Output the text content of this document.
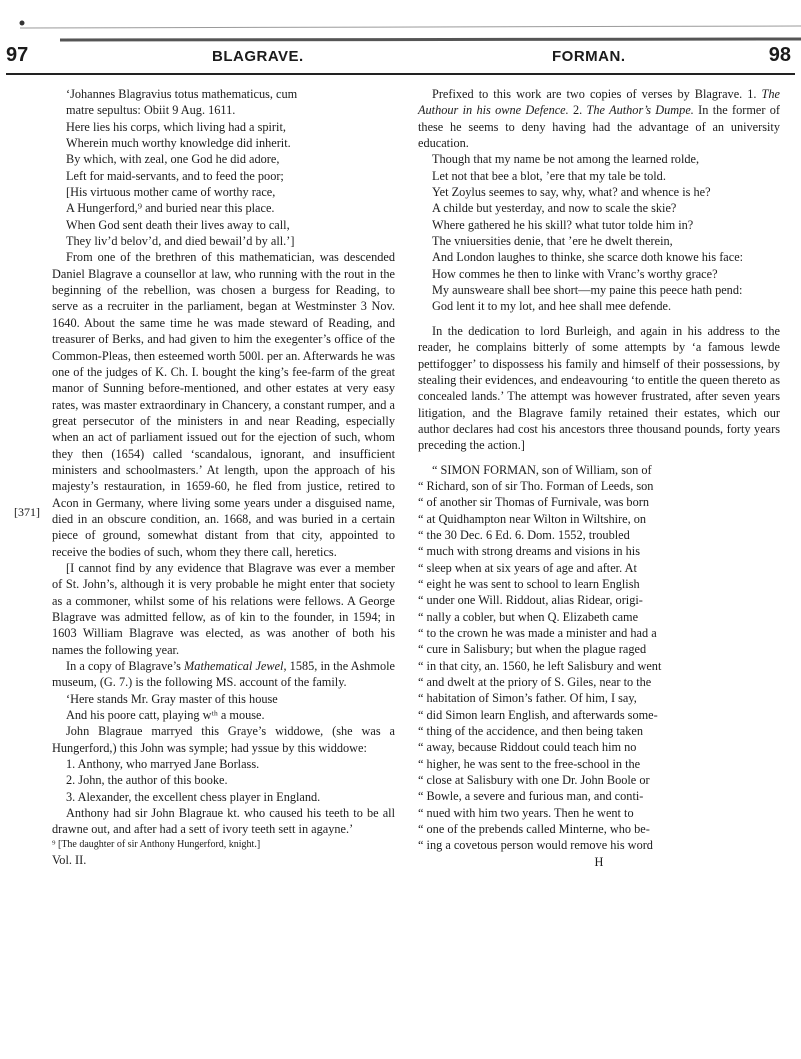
97	BLAGRAVE.	FORMAN.	98
[371]
‘Johannes Blagravius totus mathematicus, cum
matre sepultus: Obiit 9 Aug. 1611.
Here lies his corps, which living had a spirit,
Wherein much worthy knowledge did inherit.
By which, with zeal, one God he did adore,
Left for maid-servants, and to feed the poor;
[His virtuous mother came of worthy race,
A Hungerford,⁹ and buried near this place.
When God sent death their lives away to call,
They liv’d belov’d, and died bewail’d by all.’]

From one of the brethren of this mathematician, was descended Daniel Blagrave a counsellor at law, who running with the rout in the beginning of the rebellion, was chosen a burgess for Reading, to serve as a recruiter in the parliament, began at Westminster 3 Nov. 1640. About the same time he was made steward of Reading, and treasurer of Berks, and had given to him the exegenter’s office of the Common-Pleas, then esteemed worth 500l. per an. Afterwards he was one of the judges of K. Ch. I. bought the king’s fee-farm of the great manor of Sunning before-mentioned, and other estates at very easy rates, was master extraordinary in Chancery, a constant rumper, and a great persecutor of the ministers in and near Reading, especially when an act of parliament issued out for the ejection of such, whom they then (1654) called ‘scandalous, ignorant, and insufficient ministers and schoolmasters.’ At length, upon the approach of his majesty’s restauration, in 1659-60, he fled from justice, retired to Acon in Germany, where living some years under a disguised name, died in an obscure condition, an. 1668, and was buried in a certain piece of ground, somewhat distant from that city, appointed to receive the bodies of such, whom they there call, heretics.

[I cannot find by any evidence that Blagrave was ever a member of St. John’s, although it is very probable he might enter that society as a commoner, whilst some of his relations were fellows. A George Blagrave was admitted fellow, as of kin to the founder, in 1594; in 1603 William Blagrave was elected, as was another of both his names the following year.

In a copy of Blagrave’s Mathematical Jewel, 1585, in the Ashmole museum, (G. 7.) is the following MS. account of the family.

‘Here stands Mr. Gray master of this house
And his poore catt, playing wᵗʰ a mouse.

John Blagraue marryed this Graye’s widdowe, (she was a Hungerford,) this John was symple; had yssue by this widdowe:

1. Anthony, who marryed Jane Borlass.
2. John, the author of this booke.

3. Alexander, the excellent chess player in England.

Anthony had sir John Blagraue kt. who caused his teeth to be all drawne out, and after had a sett of ivory teeth sett in agayne.’

⁹ [The daughter of sir Anthony Hungerford, knight.]
Vol. II.

Prefixed to this work are two copies of verses by Blagrave. 1. The Authour in his owne Defence. 2. The Author’s Dumpe. In the former of these he seems to deny having had the advantage of an university education.

Though that my name be not among the learned rolde,
Let not that bee a blot, ’ere that my tale be told.
Yet Zoylus seemes to say, why, what? and whence is he?
A childe but yesterday, and now to scale the skie?
Where gathered he his skill? what tutor tolde him in?
The vniuersities denie, that ’ere he dwelt therein,
And London laughes to thinke, she scarce doth knowe his face:
How commes he then to linke with Vranc’s worthy grace?
My aunsweare shall bee short—my paine this peece hath pend:
God lent it to my lot, and hee shall mee defende.

In the dedication to lord Burleigh, and again in his address to the reader, he complains bitterly of some attempts by ‘a famous lewde pettifogger’ to dispossess his family and himself of their possessions, by stealing their evidences, and endeavouring ‘to entitle the queen thereto as concealed lands.’ The attempt was however frustrated, after seven years litigation, and the Blagrave family retained their estates, which our author declares had cost his ancestors three thousand pounds, forty years preceding the action.]

“ SIMON FORMAN, son of William, son of
“ Richard, son of sir Tho. Forman of Leeds, son
“ of another sir Thomas of Furnivale, was born
“ at Quidhampton near Wilton in Wiltshire, on
“ the 30 Dec. 6 Ed. 6. Dom. 1552, troubled
“ much with strong dreams and visions in his
“ sleep when at six years of age and after. At
“ eight he was sent to school to learn English
“ under one Will. Riddout, alias Ridear, origi-
“ nally a cobler, but when Q. Elizabeth came
“ to the crown he was made a minister and had a
“ cure in Salisbury; but when the plague raged
“ in that city, an. 1560, he left Salisbury and went
“ and dwelt at the priory of S. Giles, near to the
“ habitation of Simon’s father. Of him, I say,
“ did Simon learn English, and afterwards some-
“ thing of the accidence, and then being taken
“ away, because Riddout could teach him no
“ higher, he was sent to the free-school in the
“ close at Salisbury with one Dr. John Boole or
“ Bowle, a severe and furious man, and conti-
“ nued with him two years. Then he went to
“ one of the prebends called Minterne, who be-
“ ing a covetous person would remove his word
H
